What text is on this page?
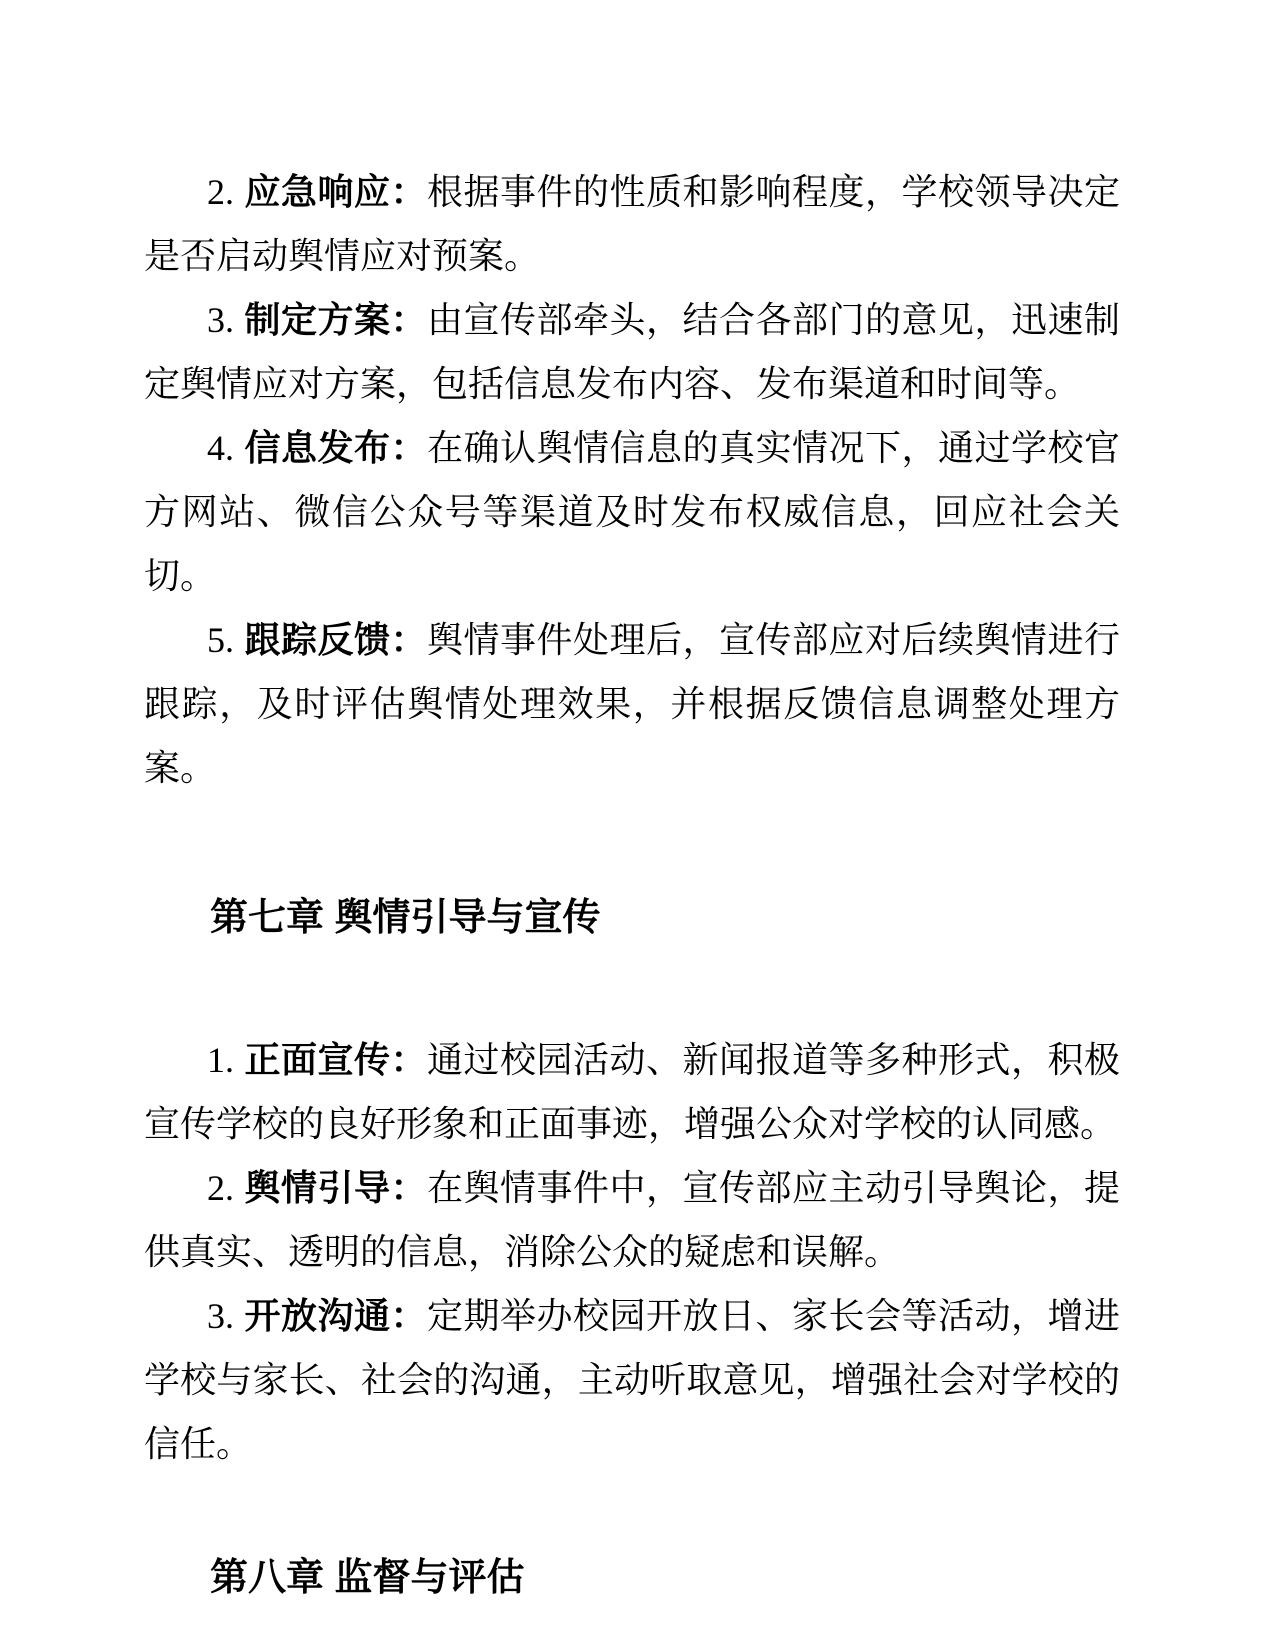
2. 应急响应：根据事件的性质和影响程度，学校领导决定是否启动舆情应对预案。

3. 制定方案：由宣传部牵头，结合各部门的意见，迅速制定舆情应对方案，包括信息发布内容、发布渠道和时间等。

4. 信息发布：在确认舆情信息的真实情况下，通过学校官方网站、微信公众号等渠道及时发布权威信息，回应社会关切。

5. 跟踪反馈：舆情事件处理后，宣传部应对后续舆情进行跟踪，及时评估舆情处理效果，并根据反馈信息调整处理方案。

第七章 舆情引导与宣传

1. 正面宣传：通过校园活动、新闻报道等多种形式，积极宣传学校的良好形象和正面事迹，增强公众对学校的认同感。

2. 舆情引导：在舆情事件中，宣传部应主动引导舆论，提供真实、透明的信息，消除公众的疑虑和误解。

3. 开放沟通：定期举办校园开放日、家长会等活动，增进学校与家长、社会的沟通，主动听取意见，增强社会对学校的信任。

第八章 监督与评估
